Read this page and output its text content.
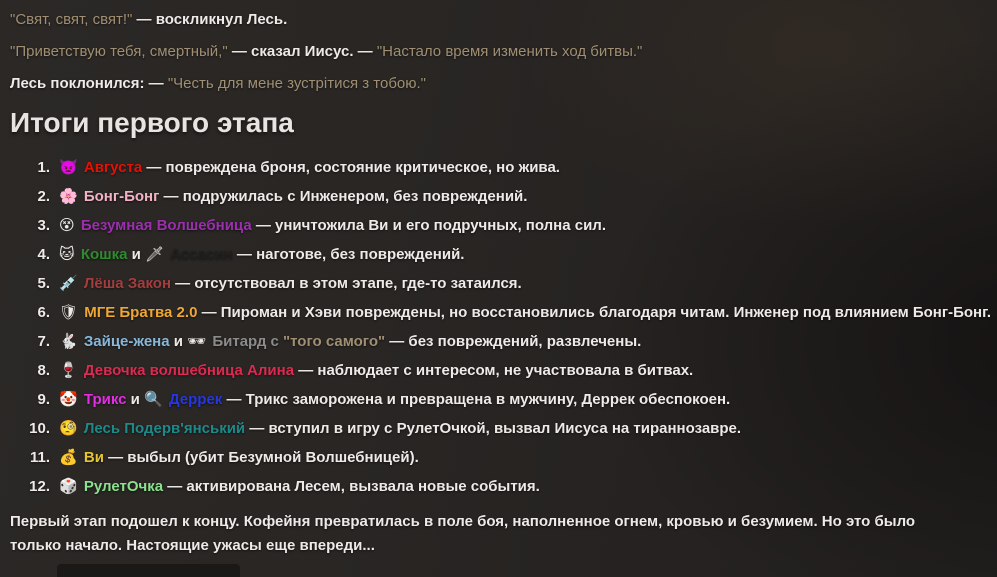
"Свят, свят, свят!" — воскликнул Лесь.

"Приветствую тебя, смертный," — сказал Иисус. — "Настало время изменить ход битвы."

Лесь поклонился: — "Честь для мене зустрітися з тобою."

Итоги первого этапа
1. 👿 Августа — повреждена броня, состояние критическое, но жива.
2. 🌸 Бонг-Бонг — подружилась с Инженером, без повреждений.
3. 😵 Безумная Волшебница — уничтожила Ви и его подручных, полна сил.
4. 🐱 Кошка и 🗡 Ассасин — наготове, без повреждений.
5. 💉 Лёша Закон — отсутствовал в этом этапе, где-то затаился.
6. 🛡 МГЕ Братва 2.0 — Пироман и Хэви повреждены, но восстановились благодаря читам. Инженер под влиянием Бонг-Бонг.
7. 🐇 Зайце-жена и 🕶 Битард с "того самого" — без повреждений, развлечены.
8. 🍷 Девочка волшебница Алина — наблюдает с интересом, не участвовала в битвах.
9. 🤡 Трикс и 🔍 Деррек — Трикс заморожена и превращена в мужчину, Деррек обеспокоен.
10. 🧐 Лесь Подерв'янський — вступил в игру с РулетОчкой, вызвал Иисуса на тираннозавре.
11. 💰 Ви — выбыл (убит Безумной Волшебницей).
12. 🎲 РулетОчка — активирована Лесем, вызвала новые события.

Первый этап подошел к концу. Кофейня превратилась в поле боя, наполненное огнем, кровью и безумием. Но это было только начало. Настоящие ужасы еще впереди...
